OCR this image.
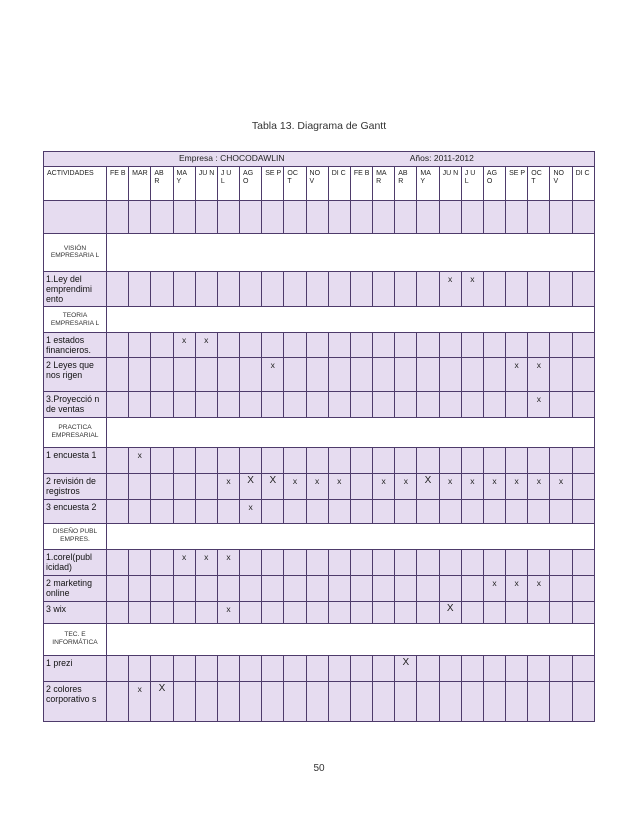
Tabla 13. Diagrama de Gantt
Empresa : CHOCODAWLIN Años: 2011-2012																						

ACTIVIDADES	FE B	MAR	AB R	MA Y	JU N	J U L	AG O	SE P	OC T	NO V	DI C	FE B	MA R	AB R	MA Y	JU N	J U L	AG O	SE P	OC T	NO V	DI C

VISIÓN EMPRESARIA L																						
1.Ley del emprendimi ento																x	x					
TEORIA EMPRESARIA L																						
1 estados financieros.				x	x																	
2 Leyes que nos rigen								x											x	x		
3.Proyecció n de ventas																				x		
PRACTICA EMPRESARIAL																						
1 encuesta 1		x																				
2 revisión de registros						x	X	X	x	x	x		x	x	X	x	x	x	x	x	x	
3 encuesta 2							x															
DISEÑO PUBL EMPRES.																						
1.corel(publ icidad)				x	x	x																
2 marketing online																		x	x	x		
3 wix						x										X						
TEC. E INFORMÁTICA																						
1 prezi														X								
2 colores corporativo s		x	X																			
50
